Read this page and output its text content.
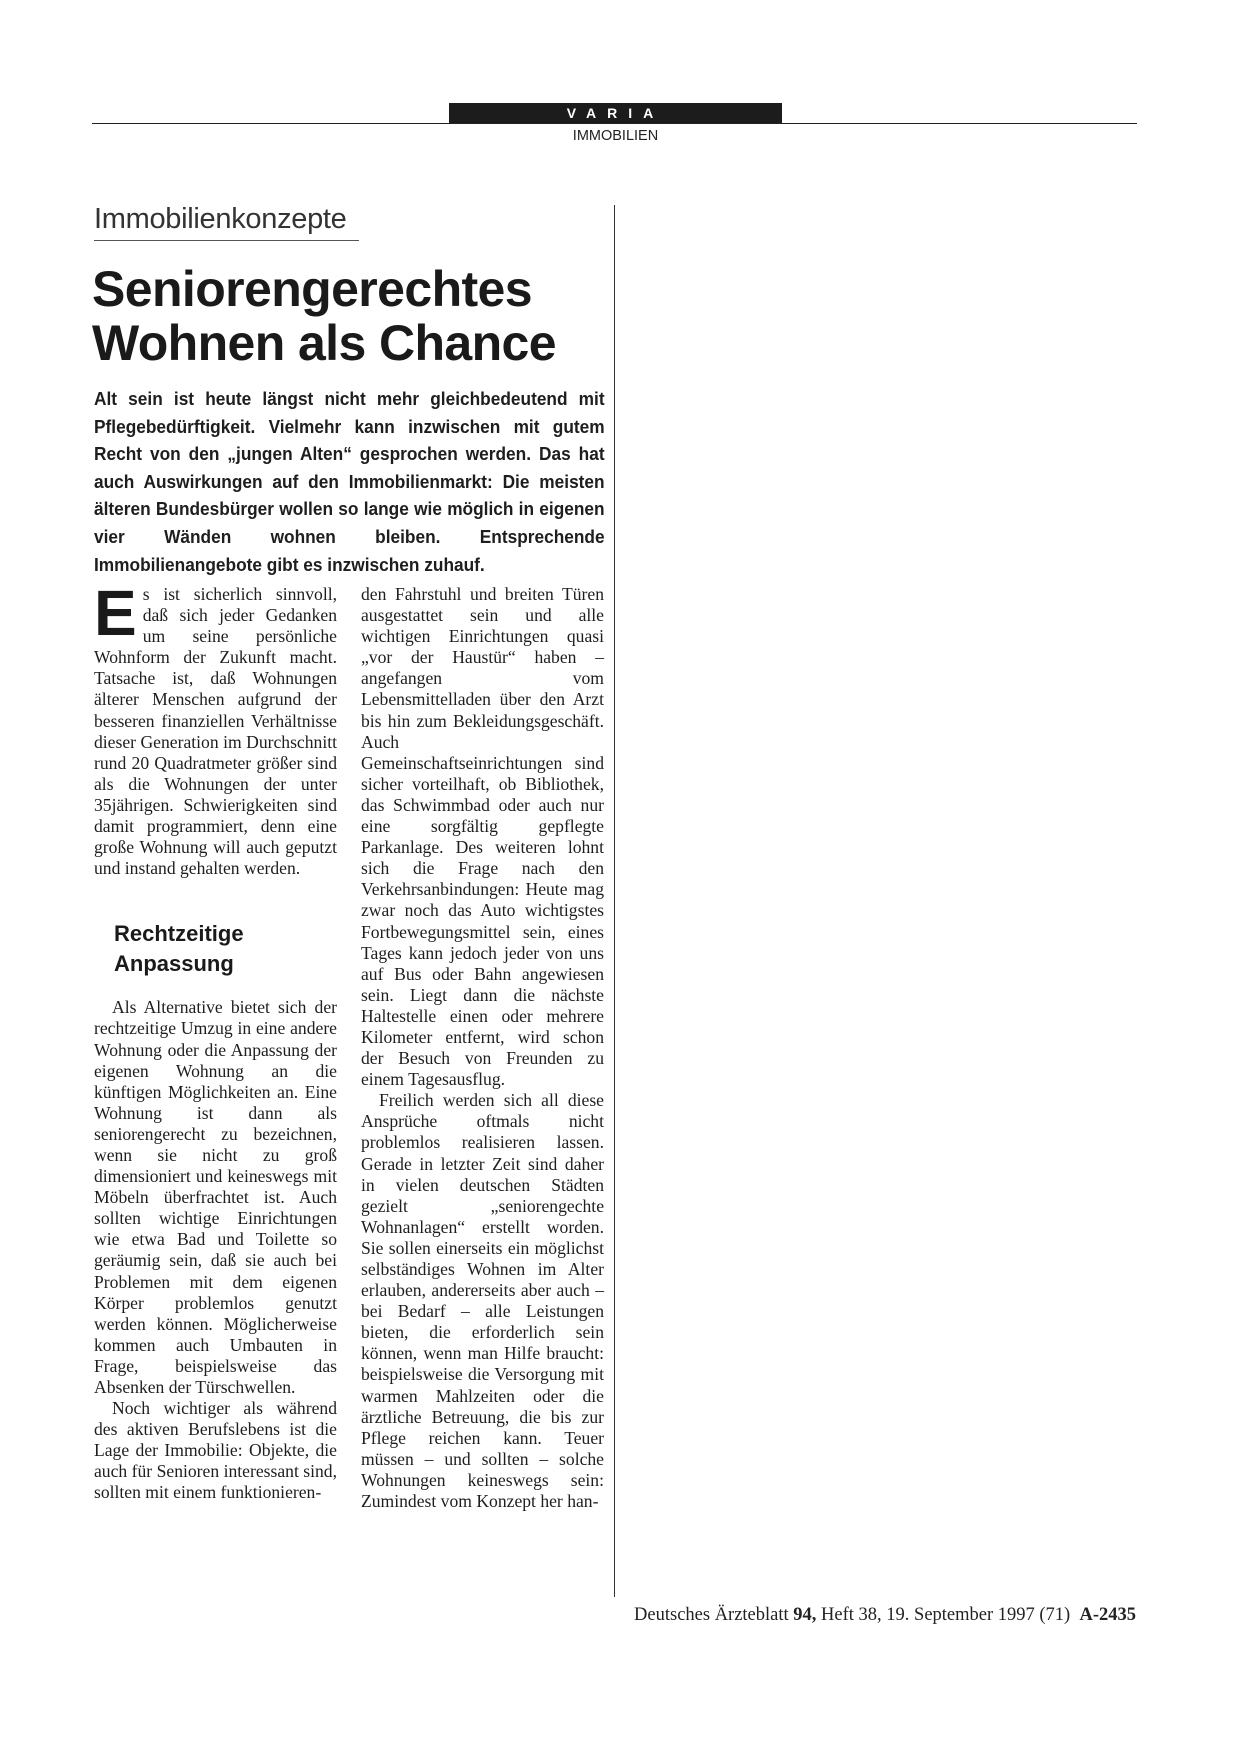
VARIA
IMMOBILIEN
Immobilienkonzepte
Seniorengerechtes
Wohnen als Chance
Alt sein ist heute längst nicht mehr gleichbedeutend mit Pflegebedürftigkeit. Vielmehr kann inzwischen mit gutem Recht von den „jungen Alten“ gesprochen werden. Das hat auch Auswirkungen auf den Immobilienmarkt: Die meisten älteren Bundesbürger wollen so lange wie möglich in eigenen vier Wänden wohnen bleiben. Entsprechende Immobilienangebote gibt es inzwischen zuhauf.

Es ist sicherlich sinnvoll, daß sich jeder Gedanken um seine persönliche Wohnform der Zukunft macht. Tatsache ist, daß Wohnungen älterer Menschen aufgrund der besseren finanziellen Verhältnisse dieser Generation im Durchschnitt rund 20 Quadratmeter größer sind als die Wohnungen der unter 35jährigen. Schwierigkeiten sind damit programmiert, denn eine große Wohnung will auch geputzt und instand gehalten werden.

Rechtzeitige
Anpassung

Als Alternative bietet sich der rechtzeitige Umzug in eine andere Wohnung oder die Anpassung der eigenen Wohnung an die künftigen Möglichkeiten an. Eine Wohnung ist dann als seniorengerecht zu bezeichnen, wenn sie nicht zu groß dimensioniert und keineswegs mit Möbeln überfrachtet ist. Auch sollten wichtige Einrichtungen wie etwa Bad und Toilette so geräumig sein, daß sie auch bei Problemen mit dem eigenen Körper problemlos genutzt werden können. Möglicherweise kommen auch Umbauten in Frage, beispielsweise das Absenken der Türschwellen.

Noch wichtiger als während des aktiven Berufslebens ist die Lage der Immobilie: Objekte, die auch für Senioren interessant sind, sollten mit einem funktionieren-

den Fahrstuhl und breiten Türen ausgestattet sein und alle wichtigen Einrichtungen quasi „vor der Haustür“ haben – angefangen vom Lebensmittelladen über den Arzt bis hin zum Bekleidungsgeschäft. Auch Gemeinschaftseinrichtungen sind sicher vorteilhaft, ob Bibliothek, das Schwimmbad oder auch nur eine sorgfältig gepflegte Parkanlage. Des weiteren lohnt sich die Frage nach den Verkehrsanbindungen: Heute mag zwar noch das Auto wichtigstes Fortbewegungsmittel sein, eines Tages kann jedoch jeder von uns auf Bus oder Bahn angewiesen sein. Liegt dann die nächste Haltestelle einen oder mehrere Kilometer entfernt, wird schon der Besuch von Freunden zu einem Tagesausflug.

Freilich werden sich all diese Ansprüche oftmals nicht problemlos realisieren lassen. Gerade in letzter Zeit sind daher in vielen deutschen Städten gezielt „seniorengechte Wohnanlagen“ erstellt worden. Sie sollen einerseits ein möglichst selbständiges Wohnen im Alter erlauben, andererseits aber auch – bei Bedarf – alle Leistungen bieten, die erforderlich sein können, wenn man Hilfe braucht: beispielsweise die Versorgung mit warmen Mahlzeiten oder die ärztliche Betreuung, die bis zur Pflege reichen kann. Teuer müssen – und sollten – solche Wohnungen keineswegs sein: Zumindest vom Konzept her han-

Deutsches Ärzteblatt 94, Heft 38, 19. September 1997 (71) A-2435
